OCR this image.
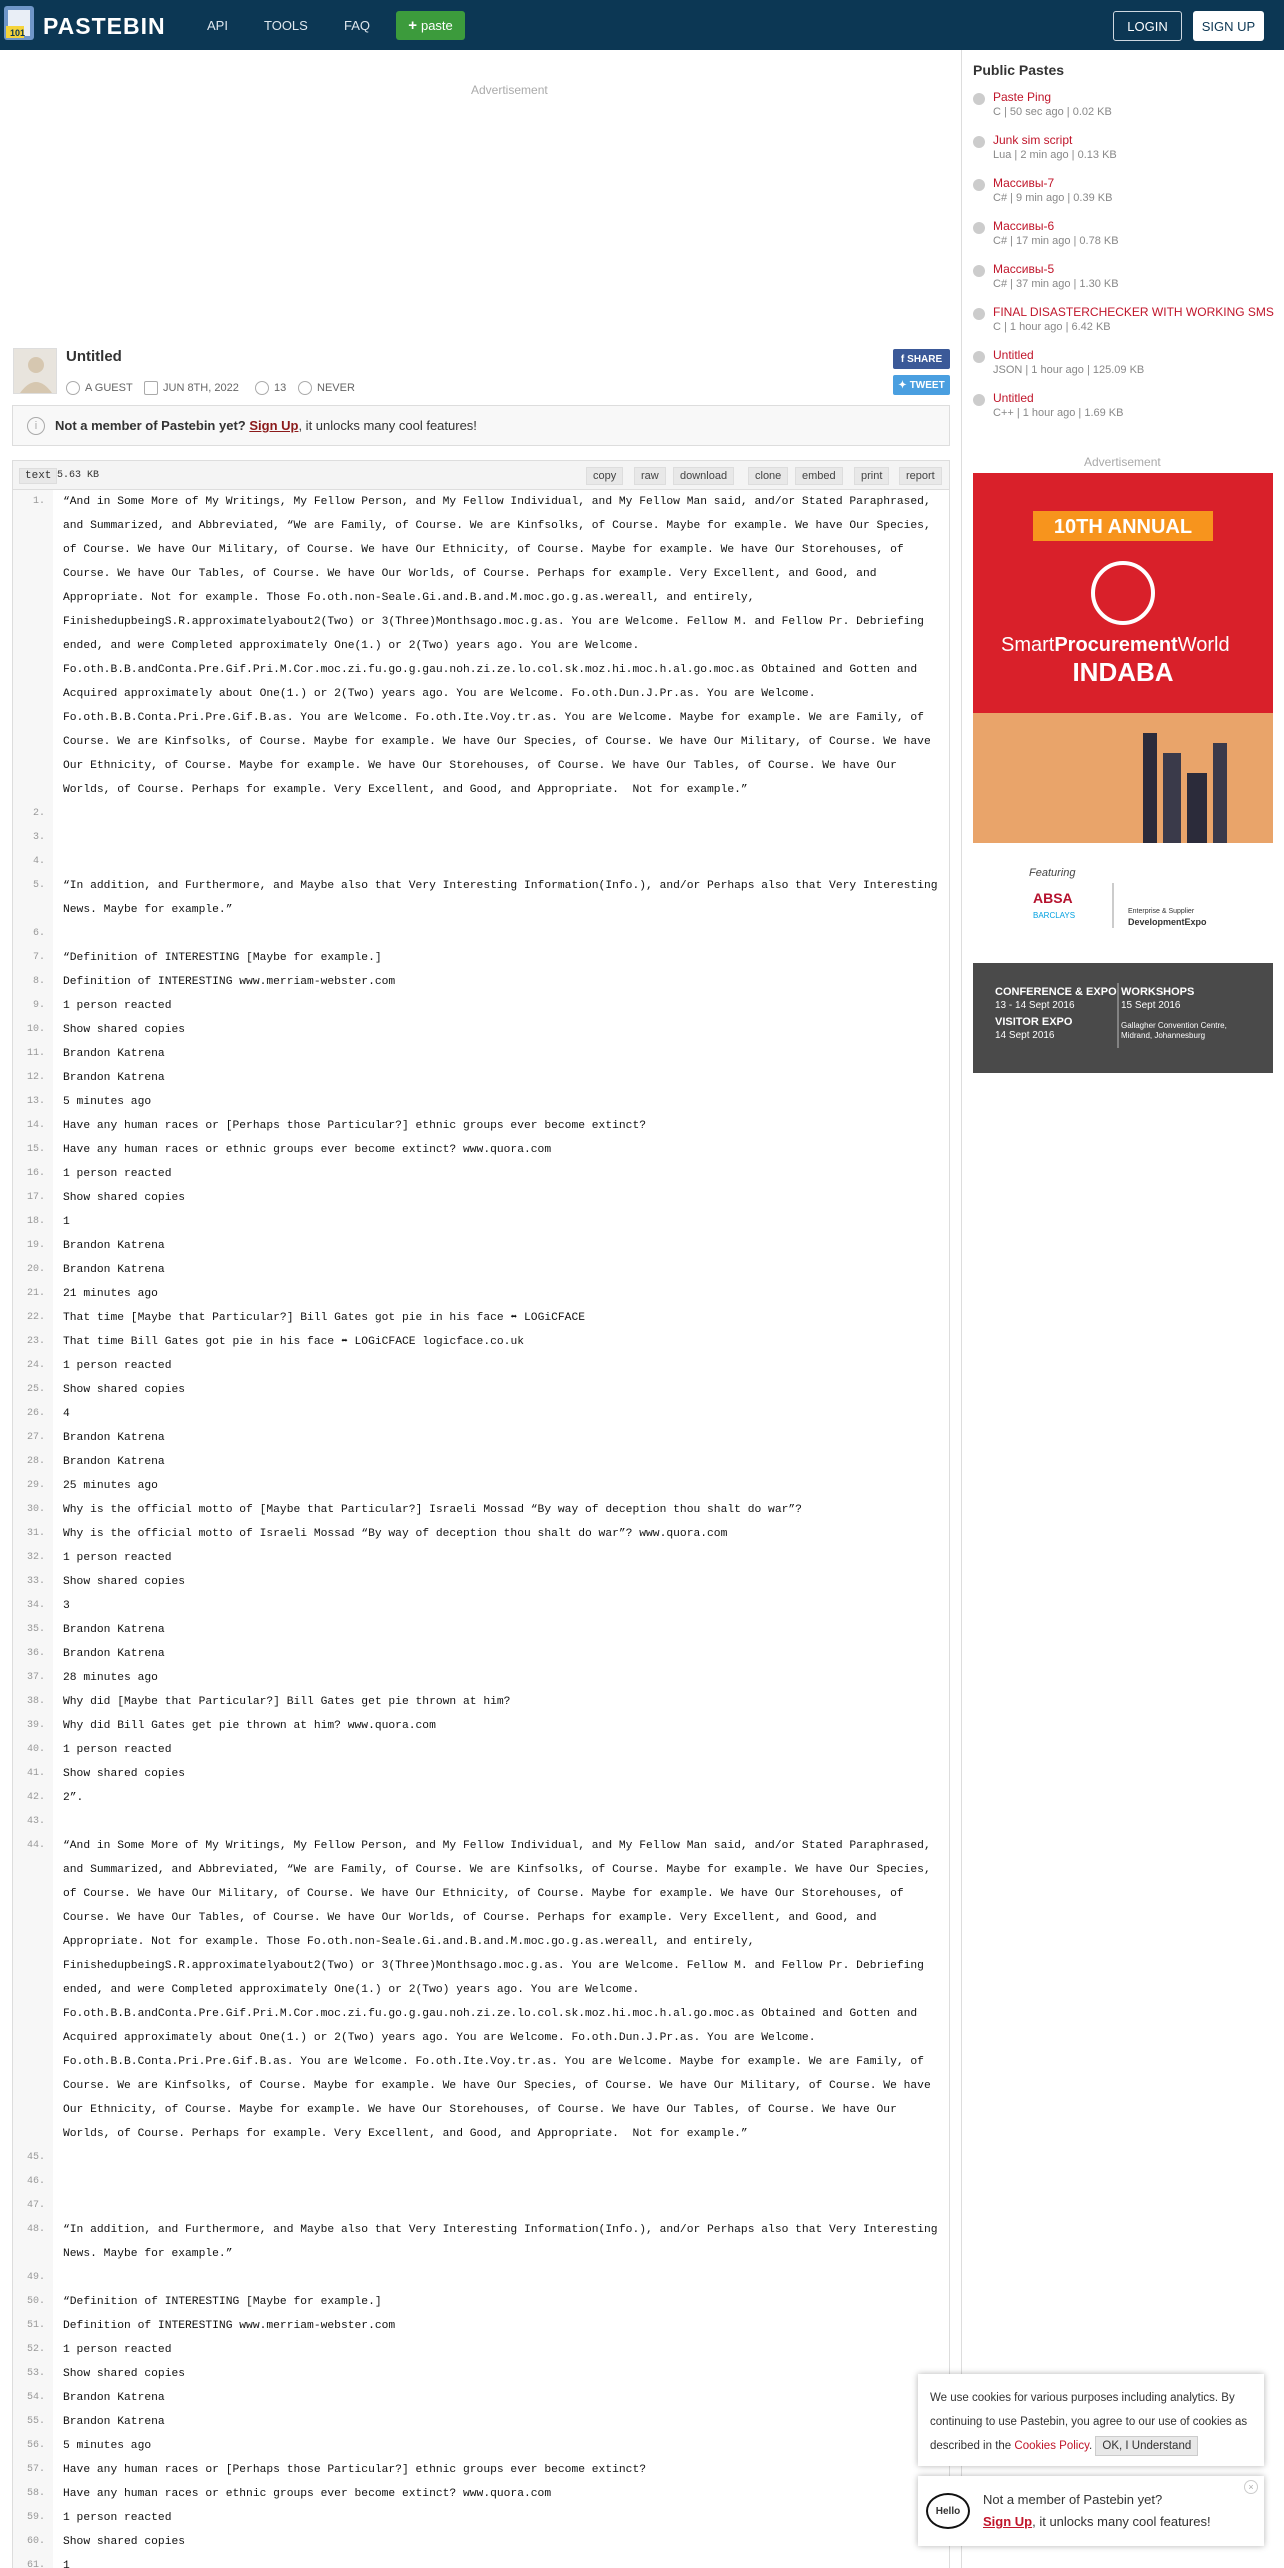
101 PASTEBIN	API	TOOLS	FAQ	+ paste	LOGIN	SIGN UP
Advertisement
Untitled
A GUEST	JUN 8TH, 2022	13	NEVER
f SHARE
✦ TWEET
i	Not a member of Pastebin yet?
Sign Up , it unlocks many cool features!
text 5.63 KB	copy	raw	download	clone	embed	print	report
1.	“And in Some More of My Writings, My Fellow Person, and My Fellow Individual, and My Fellow Man said, and/or Stated Paraphrased, and Summarized, and Abbreviated, “We are Family, of Course. We are Kinfsolks, of Course. Maybe for example. We have Our Species, of Course. We have Our Military, of Course. We have Our Ethnicity, of Course. Maybe for example. We have Our Storehouses, of Course. We have Our Tables, of Course. We have Our Worlds, of Course. Perhaps for example. Very Excellent, and Good, and Appropriate. Not for example. Those Fo.oth.non-Seale.Gi.and.B.and.M.moc.go.g.as.wereall, and entirely, FinishedupbeingS.R.approximatelyabout2(Two) or 3(Three)Monthsago.moc.g.as. You are Welcome. Fellow M. and Fellow Pr. Debriefing ended, and were Completed approximately One(1.) or 2(Two) years ago. You are Welcome. Fo.oth.B.B.andConta.Pre.Gif.Pri.M.Cor.moc.zi.fu.go.g.gau.noh.zi.ze.lo.col.sk.moz.hi.moc.h.al.go.moc.as Obtained and Gotten and Acquired approximately about One(1.) or 2(Two) years ago. You are Welcome. Fo.oth.Dun.J.Pr.as. You are Welcome. Fo.oth.B.B.Conta.Pri.Pre.Gif.B.as. You are Welcome. Fo.oth.Ite.Voy.tr.as. You are Welcome. Maybe for example. We are Family, of Course. We are Kinfsolks, of Course. Maybe for example. We have Our Species, of Course. We have Our Military, of Course. We have Our Ethnicity, of Course. Maybe for example. We have Our Storehouses, of Course. We have Our Tables, of Course. We have Our Worlds, of Course. Perhaps for example. Very Excellent, and Good, and Appropriate.  Not for example.”
2.
3.
4.
5.	“In addition, and Furthermore, and Maybe also that Very Interesting Information(Info.), and/or Perhaps also that Very Interesting News. Maybe for example.”
6.
7.	“Definition of INTERESTING [Maybe for example.]
8.	Definition of INTERESTING www.merriam-webster.com
9.	1 person reacted
10.	Show shared copies
11.	Brandon Katrena
12.	Brandon Katrena
13.	5 minutes ago
14.	Have any human races or [Perhaps those Particular?] ethnic groups ever become extinct?
15.	Have any human races or ethnic groups ever become extinct? www.quora.com
16.	1 person reacted
17.	Show shared copies
18.	1
19.	Brandon Katrena
20.	Brandon Katrena
21.	21 minutes ago
22.	That time [Maybe that Particular?] Bill Gates got pie in his face ⬌ LOGiCFACE
23.	That time Bill Gates got pie in his face ⬌ LOGiCFACE logicface.co.uk
24.	1 person reacted
25.	Show shared copies
26.	4
27.	Brandon Katrena
28.	Brandon Katrena
29.	25 minutes ago
30.	Why is the official motto of [Maybe that Particular?] Israeli Mossad “By way of deception thou shalt do war”?
31.	Why is the official motto of Israeli Mossad “By way of deception thou shalt do war”? www.quora.com
32.	1 person reacted
33.	Show shared copies
34.	3
35.	Brandon Katrena
36.	Brandon Katrena
37.	28 minutes ago
38.	Why did [Maybe that Particular?] Bill Gates get pie thrown at him?
39.	Why did Bill Gates get pie thrown at him? www.quora.com
40.	1 person reacted
41.	Show shared copies
42.	2”.
43.
44.	“And in Some More of My Writings, My Fellow Person, and My Fellow Individual, and My Fellow Man said, and/or Stated Paraphrased, and Summarized, and Abbreviated, “We are Family, of Course. We are Kinfsolks, of Course. Maybe for example. We have Our Species, of Course. We have Our Military, of Course. We have Our Ethnicity, of Course. Maybe for example. We have Our Storehouses, of Course. We have Our Tables, of Course. We have Our Worlds, of Course. Perhaps for example. Very Excellent, and Good, and Appropriate. Not for example. Those Fo.oth.non-Seale.Gi.and.B.and.M.moc.go.g.as.wereall, and entirely, FinishedupbeingS.R.approximatelyabout2(Two) or 3(Three)Monthsago.moc.g.as. You are Welcome. Fellow M. and Fellow Pr. Debriefing ended, and were Completed approximately One(1.) or 2(Two) years ago. You are Welcome. Fo.oth.B.B.andConta.Pre.Gif.Pri.M.Cor.moc.zi.fu.go.g.gau.noh.zi.ze.lo.col.sk.moz.hi.moc.h.al.go.moc.as Obtained and Gotten and Acquired approximately about One(1.) or 2(Two) years ago. You are Welcome. Fo.oth.Dun.J.Pr.as. You are Welcome. Fo.oth.B.B.Conta.Pri.Pre.Gif.B.as. You are Welcome. Fo.oth.Ite.Voy.tr.as. You are Welcome. Maybe for example. We are Family, of Course. We are Kinfsolks, of Course. Maybe for example. We have Our Species, of Course. We have Our Military, of Course. We have Our Ethnicity, of Course. Maybe for example. We have Our Storehouses, of Course. We have Our Tables, of Course. We have Our Worlds, of Course. Perhaps for example. Very Excellent, and Good, and Appropriate.  Not for example.”
45.
46.
47.
48.	“In addition, and Furthermore, and Maybe also that Very Interesting Information(Info.), and/or Perhaps also that Very Interesting News. Maybe for example.”
49.
50.	“Definition of INTERESTING [Maybe for example.]
51.	Definition of INTERESTING www.merriam-webster.com
52.	1 person reacted
53.	Show shared copies
54.	Brandon Katrena
55.	Brandon Katrena
56.	5 minutes ago
57.	Have any human races or [Perhaps those Particular?] ethnic groups ever become extinct?
58.	Have any human races or ethnic groups ever become extinct? www.quora.com
59.	1 person reacted
60.	Show shared copies
61.	1
Public Pastes
Paste Ping
C | 50 sec ago | 0.02 KB
Junk sim script
Lua | 2 min ago | 0.13 KB
Массивы-7
C# | 9 min ago | 0.39 KB
Массивы-6
C# | 17 min ago | 0.78 KB
Массивы-5
C# | 37 min ago | 1.30 KB
FINAL DISASTERCHECKER WITH WORKING SMS
C | 1 hour ago | 6.42 KB
Untitled
JSON | 1 hour ago | 125.09 KB
Untitled
C++ | 1 hour ago | 1.69 KB
Advertisement
10TH ANNUAL
SmartProcurementWorld
INDABA
Featuring
ABSA
BARCLAYS	Enterprise & Supplier
DevelopmentExpo
CONFERENCE & EXPO
13 - 14 Sept 2016
VISITOR EXPO
14 Sept 2016
WORKSHOPS
15 Sept 2016
Gallagher Convention Centre,
Midrand, Johannesburg
We use cookies for various purposes including analytics. By continuing to use Pastebin, you agree to our use of cookies as described in the Cookies Policy. OK, I Understand
Hello
Not a member of Pastebin yet?
Sign Up, it unlocks many cool features!
×
